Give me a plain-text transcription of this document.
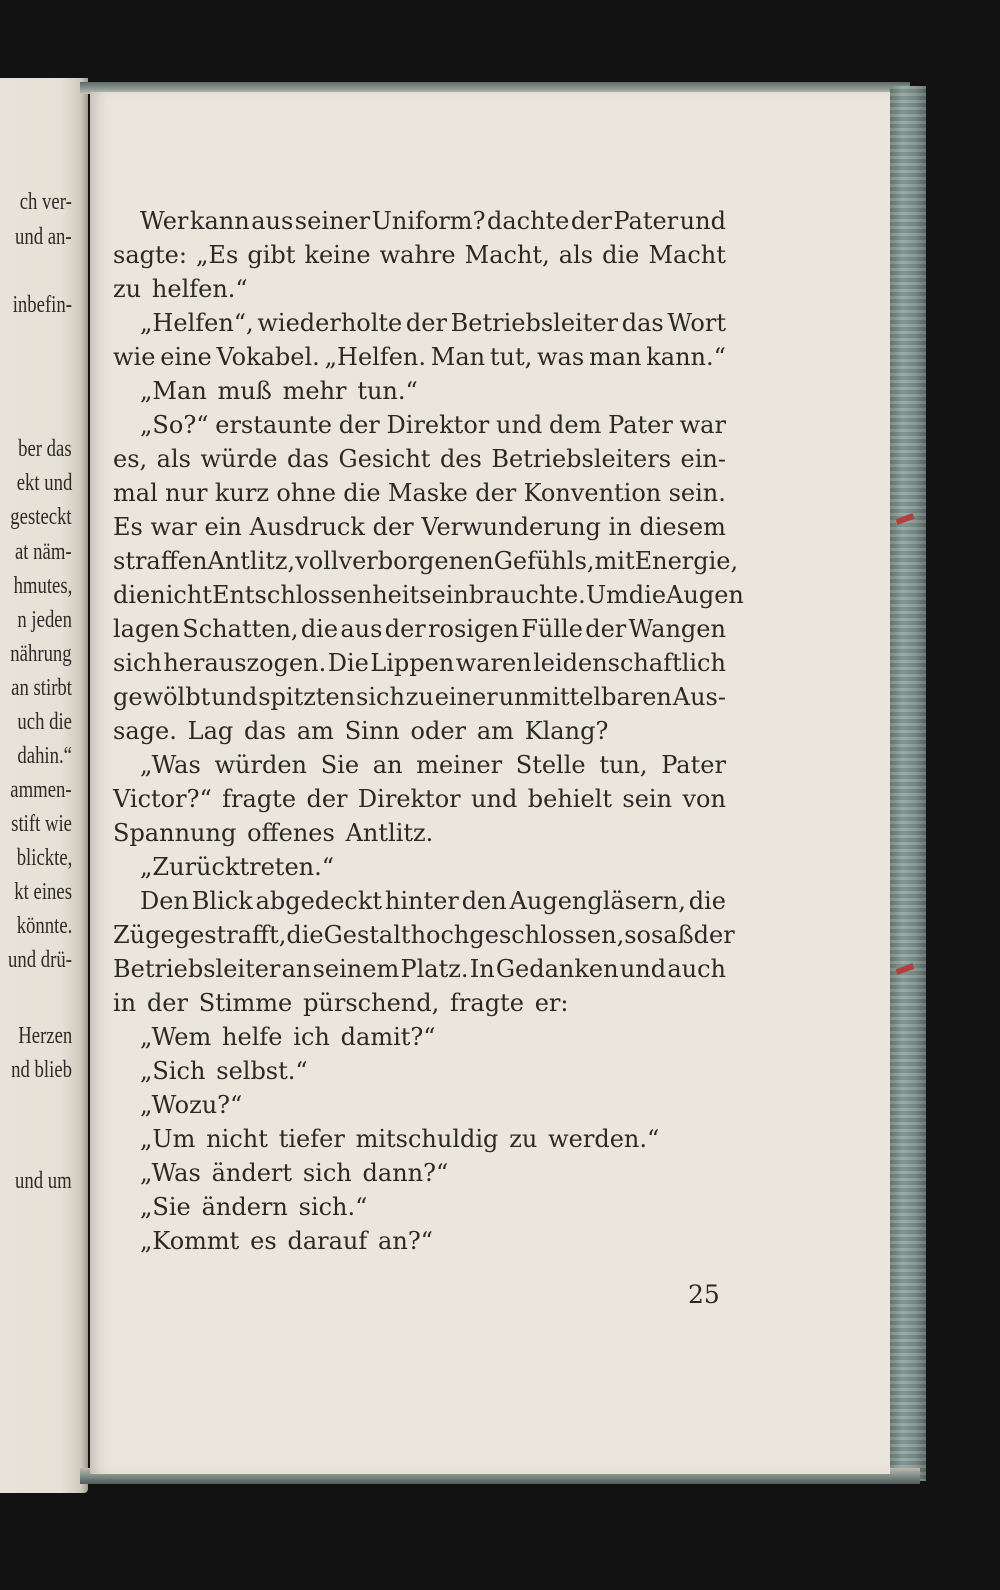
ch ver-
und an-
inbefin-
ber das
ekt und
gesteckt
at näm-
hmutes,
n jeden
nährung
an stirbt
uch die
dahin.“
ammen-
stift wie
blickte,
kt eines
könnte.
und drü-
Herzen
nd blieb
und um
Wer kann aus seiner Uniform? dachte der Pater und
sagte: „Es gibt keine wahre Macht, als die Macht
zu helfen.“
„Helfen“, wiederholte der Betriebsleiter das Wort
wie eine Vokabel. „Helfen. Man tut, was man kann.“
„Man muß mehr tun.“
„So?“ erstaunte der Direktor und dem Pater war
es, als würde das Gesicht des Betriebsleiters ein-
mal nur kurz ohne die Maske der Konvention sein.
Es war ein Ausdruck der Verwunderung in diesem
straffen Antlitz, voll verborgenen Gefühls, mit Energie,
die nicht Entschlossenheit sein brauchte. Um die Augen
lagen Schatten, die aus der rosigen Fülle der Wangen
sich herauszogen. Die Lippen waren leidenschaftlich
gewölbt und spitzten sich zu einer unmittelbaren Aus-
sage. Lag das am Sinn oder am Klang?
„Was würden Sie an meiner Stelle tun, Pater
Victor?“ fragte der Direktor und behielt sein von
Spannung offenes Antlitz.
„Zurücktreten.“
Den Blick abgedeckt hinter den Augengläsern, die
Züge gestrafft, die Gestalt hoch geschlossen, so saß der
Betriebsleiter an seinem Platz. In Gedanken und auch
in der Stimme pürschend, fragte er:
„Wem helfe ich damit?“
„Sich selbst.“
„Wozu?“
„Um nicht tiefer mitschuldig zu werden.“
„Was ändert sich dann?“
„Sie ändern sich.“
„Kommt es darauf an?“
25
